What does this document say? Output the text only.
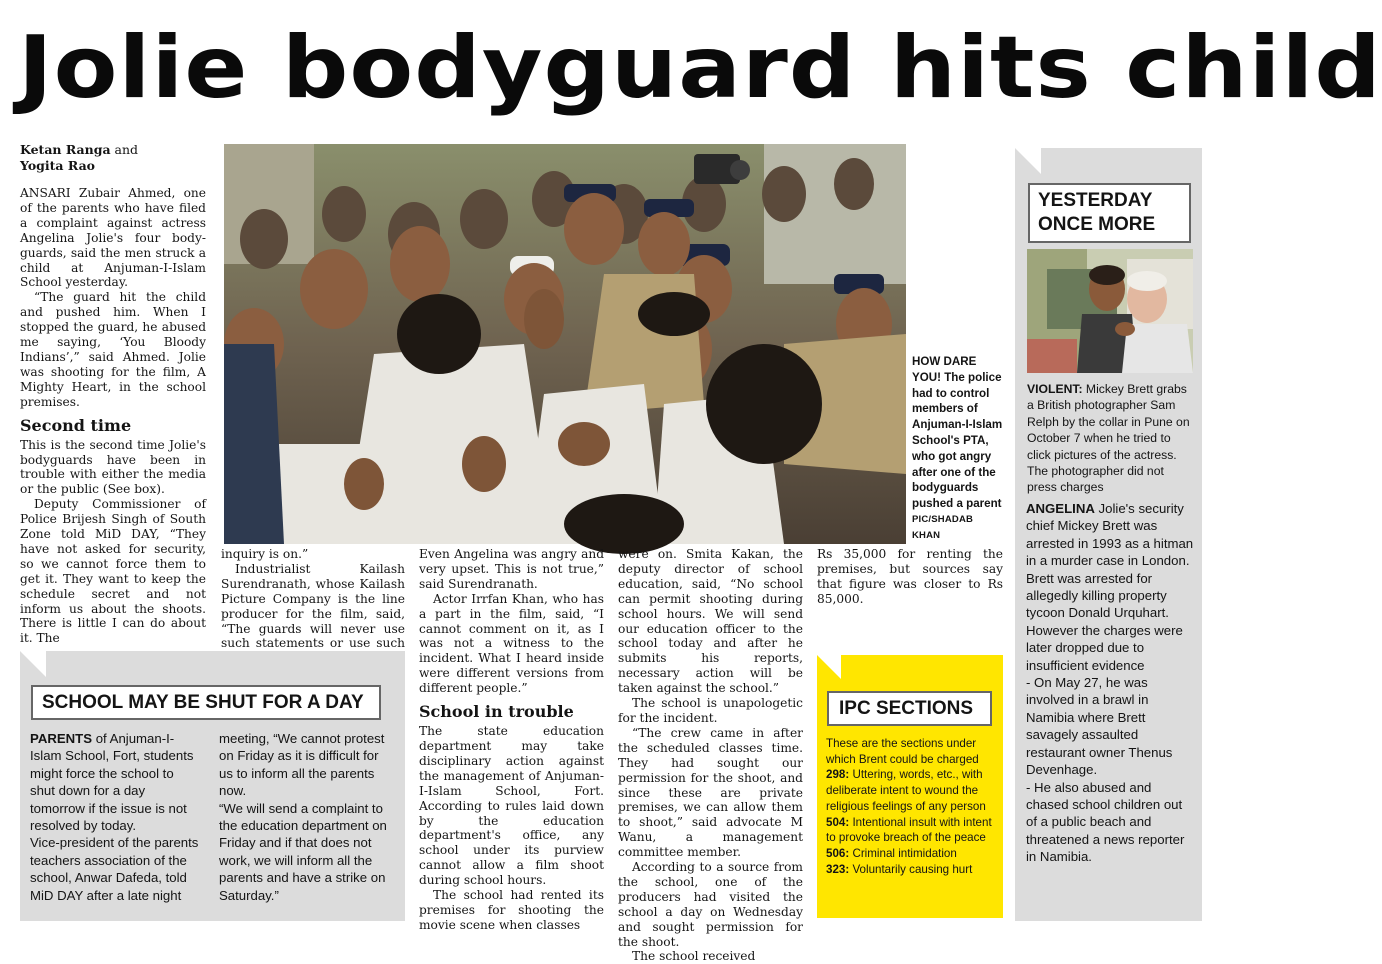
Jolie bodyguard hits child
Ketan Ranga and
Yogita Rao

ANSARI Zubair Ahmed, one of the parents who have filed a complaint against actress Angelina Jolie's four body-guards, said the men struck a child at Anjuman-I-Islam School yesterday.

“The guard hit the child and pushed him. When I stopped the guard, he abused me saying, ‘You Bloody Indians’,” said Ahmed. Jolie was shooting for the film, A Mighty Heart, in the school premises.

Second time

This is the second time Jolie's bodyguards have been in trouble with either the media or the public (See box).

Deputy Commissioner of Police Brijesh Singh of South Zone told MiD DAY, “They have not asked for security, so we cannot force them to get it. They want to keep the schedule secret and not inform us about the shoots. There is little I can do about it. The

HOW DARE YOU! The police had to control members of Anjuman-I-Islam School's PTA, who got angry after one of the bodyguards pushed a parent
PIC/SHADAB KHAN

inquiry is on.”

Industrialist Kailash Surendranath, whose Kailash Picture Company is the line producer for the film, said, “The guards will never use such statements or use such

Even Angelina was angry and very upset. This is not true,” said Surendranath.

Actor Irrfan Khan, who has a part in the film, said, “I cannot comment on it, as I was not a witness to the incident. What I heard inside were different versions from different people.”

School in trouble

The state education department may take disciplinary action against the management of Anjuman-I-Islam School, Fort. According to rules laid down by the education department's office, any school under its purview cannot allow a film shoot during school hours.

The school had rented its premises for shooting the movie scene when classes

were on. Smita Kakan, the deputy director of school education, said, “No school can permit shooting during school hours. We will send our education officer to the school today and after he submits his reports, necessary action will be taken against the school.”

The school is unapologetic for the incident.

“The crew came in after the scheduled classes time. They had sought our permission for the shoot, and since these are private premises, we can allow them to shoot,” said advocate M Wanu, a management committee member.

According to a source from the school, one of the producers had visited the school a day on Wednesday and sought permission for the shoot.

The school received

Rs 35,000 for renting the premises, but sources say that figure was closer to Rs 85,000.

YESTERDAY
ONCE MORE
VIOLENT: Mickey Brett grabs a British photographer Sam Relph by the collar in Pune on October 7 when he tried to click pictures of the actress. The photographer did not press charges
ANGELINA Jolie's security chief Mickey Brett was arrested in 1993 as a hitman in a murder case in London. Brett was arrested for allegedly killing property tycoon Donald Urquhart. However the charges were later dropped due to insufficient evidence
- On May 27, he was involved in a brawl in Namibia where Brett savagely assaulted restaurant owner Thenus Devenhage.
- He also abused and chased school children out of a public beach and threatened a news reporter in Namibia.
SCHOOL MAY BE SHUT FOR A DAY
PARENTS of Anjuman-I-Islam School, Fort, students might force the school to shut down for a day tomorrow if the issue is not resolved by today.
Vice-president of the parents teachers association of the school, Anwar Dafeda, told MiD DAY after a late night
meeting, “We cannot protest on Friday as it is difficult for us to inform all the parents now.
“We will send a complaint to the education department on Friday and if that does not work, we will inform all the parents and have a strike on Saturday.”
IPC SECTIONS
These are the sections under which Brent could be charged
298: Uttering, words, etc., with deliberate intent to wound the religious feelings of any person
504: Intentional insult with intent to provoke breach of the peace
506: Criminal intimidation
323: Voluntarily causing hurt
